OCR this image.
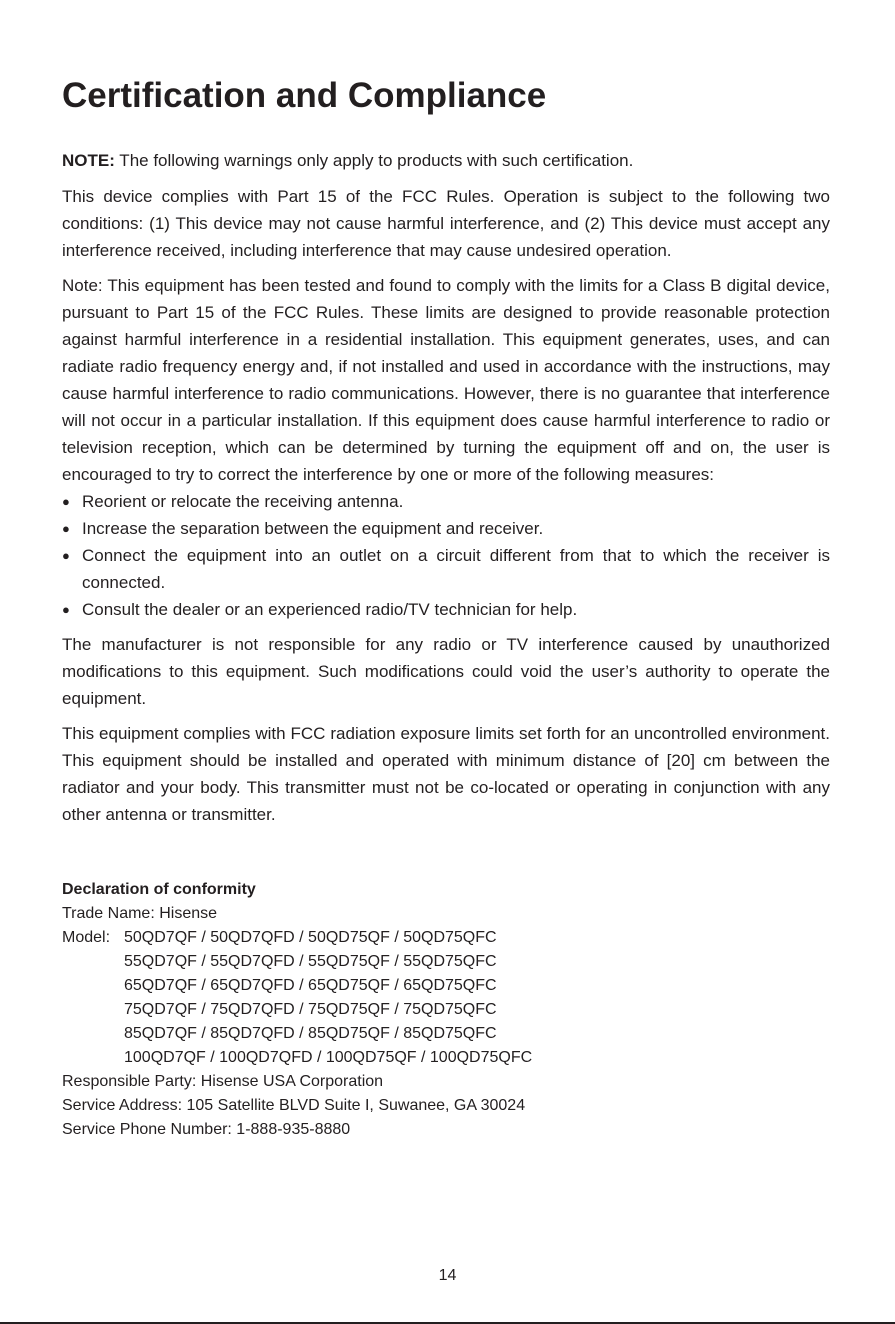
Certification and Compliance
NOTE: The following warnings only apply to products with such certification.
This device complies with Part 15 of the FCC Rules. Operation is subject to the following two conditions: (1) This device may not cause harmful interference, and (2) This device must accept any interference received, including interference that may cause undesired operation.
Note: This equipment has been tested and found to comply with the limits for a Class B digital device, pursuant to Part 15 of the FCC Rules. These limits are designed to provide reasonable protection against harmful interference in a residential installation. This equipment generates, uses, and can radiate radio frequency energy and, if not installed and used in accordance with the instructions, may cause harmful interference to radio communications. However, there is no guarantee that interference will not occur in a particular installation. If this equipment does cause harmful interference to radio or television reception, which can be determined by turning the equipment off and on, the user is encouraged to try to correct the interference by one or more of the following measures:
● Reorient or relocate the receiving antenna.
● Increase the separation between the equipment and receiver.
● Connect the equipment into an outlet on a circuit different from that to which the receiver is connected.
● Consult the dealer or an experienced radio/TV technician for help.
The manufacturer is not responsible for any radio or TV interference caused by unauthorized modifications to this equipment. Such modifications could void the user’s authority to operate the equipment.
This equipment complies with FCC radiation exposure limits set forth for an uncontrolled environment. This equipment should be installed and operated with minimum distance of [20] cm between the radiator and your body. This transmitter must not be co-located or operating in conjunction with any other antenna or transmitter.
Declaration of conformity
Trade Name: Hisense
Model: 50QD7QF / 50QD7QFD / 50QD75QF / 50QD75QFC
55QD7QF / 55QD7QFD / 55QD75QF / 55QD75QFC
65QD7QF / 65QD7QFD / 65QD75QF / 65QD75QFC
75QD7QF / 75QD7QFD / 75QD75QF / 75QD75QFC
85QD7QF / 85QD7QFD / 85QD75QF / 85QD75QFC
100QD7QF / 100QD7QFD / 100QD75QF / 100QD75QFC
Responsible Party: Hisense USA Corporation
Service Address: 105 Satellite BLVD Suite I, Suwanee, GA 30024
Service Phone Number: 1-888-935-8880
14
